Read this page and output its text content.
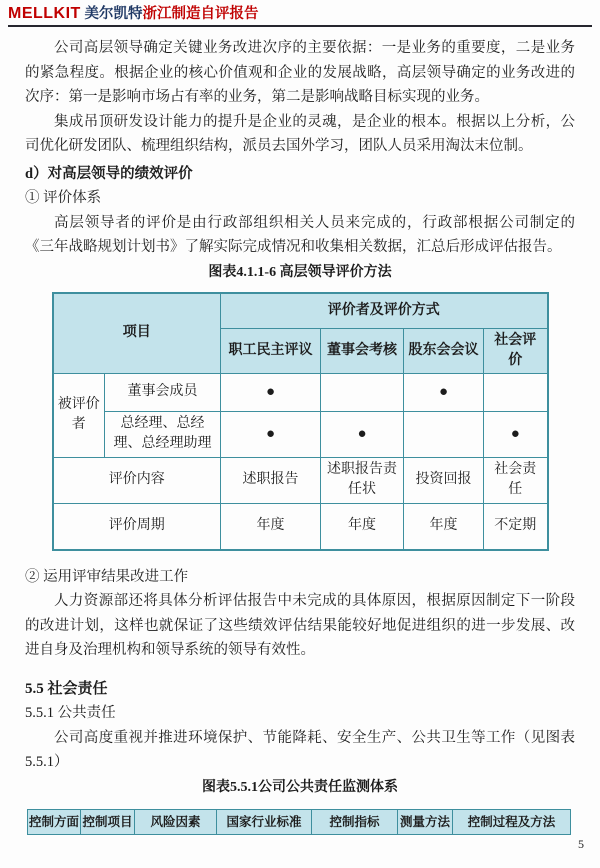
MELLKIT 美尔凯特浙江制造自评报告

公司高层领导确定关键业务改进次序的主要依据：一是业务的重要度，二是业务的紧急程度。根据企业的核心价值观和企业的发展战略，高层领导确定的业务改进的次序：第一是影响市场占有率的业务，第二是影响战略目标实现的业务。

集成吊顶研发设计能力的提升是企业的灵魂，是企业的根本。根据以上分析，公司优化研发团队、梳理组织结构，派员去国外学习，团队人员采用淘汰末位制。

d）对高层领导的绩效评价

① 评价体系

高层领导者的评价是由行政部组织相关人员来完成的，行政部根据公司制定的《三年战略规划计划书》了解实际完成情况和收集相关数据，汇总后形成评估报告。

图表4.1.1-6 高层领导评价方法

项目		评价者及评价方式			
		职工民主评议	董事会考核	股东会会议	社会评价
被评价者	董事会成员	●		●	
	总经理、总经理、总经理助理	●	●		●
评价内容		述职报告	述职报告责任状	投资回报	社会责任
评价周期		年度	年度	年度	不定期

② 运用评审结果改进工作

人力资源部还将具体分析评估报告中未完成的具体原因，根据原因制定下一阶段的改进计划，这样也就保证了这些绩效评估结果能较好地促进组织的进一步发展、改进自身及治理机构和领导系统的领导有效性。

5.5 社会责任

5.5.1 公共责任

公司高度重视并推进环境保护、节能降耗、安全生产、公共卫生等工作（见图表5.5.1）

图表5.5.1公司公共责任监测体系

控制方面	控制项目	风险因素	国家行业标准	控制指标	测量方法	控制过程及方法
5
